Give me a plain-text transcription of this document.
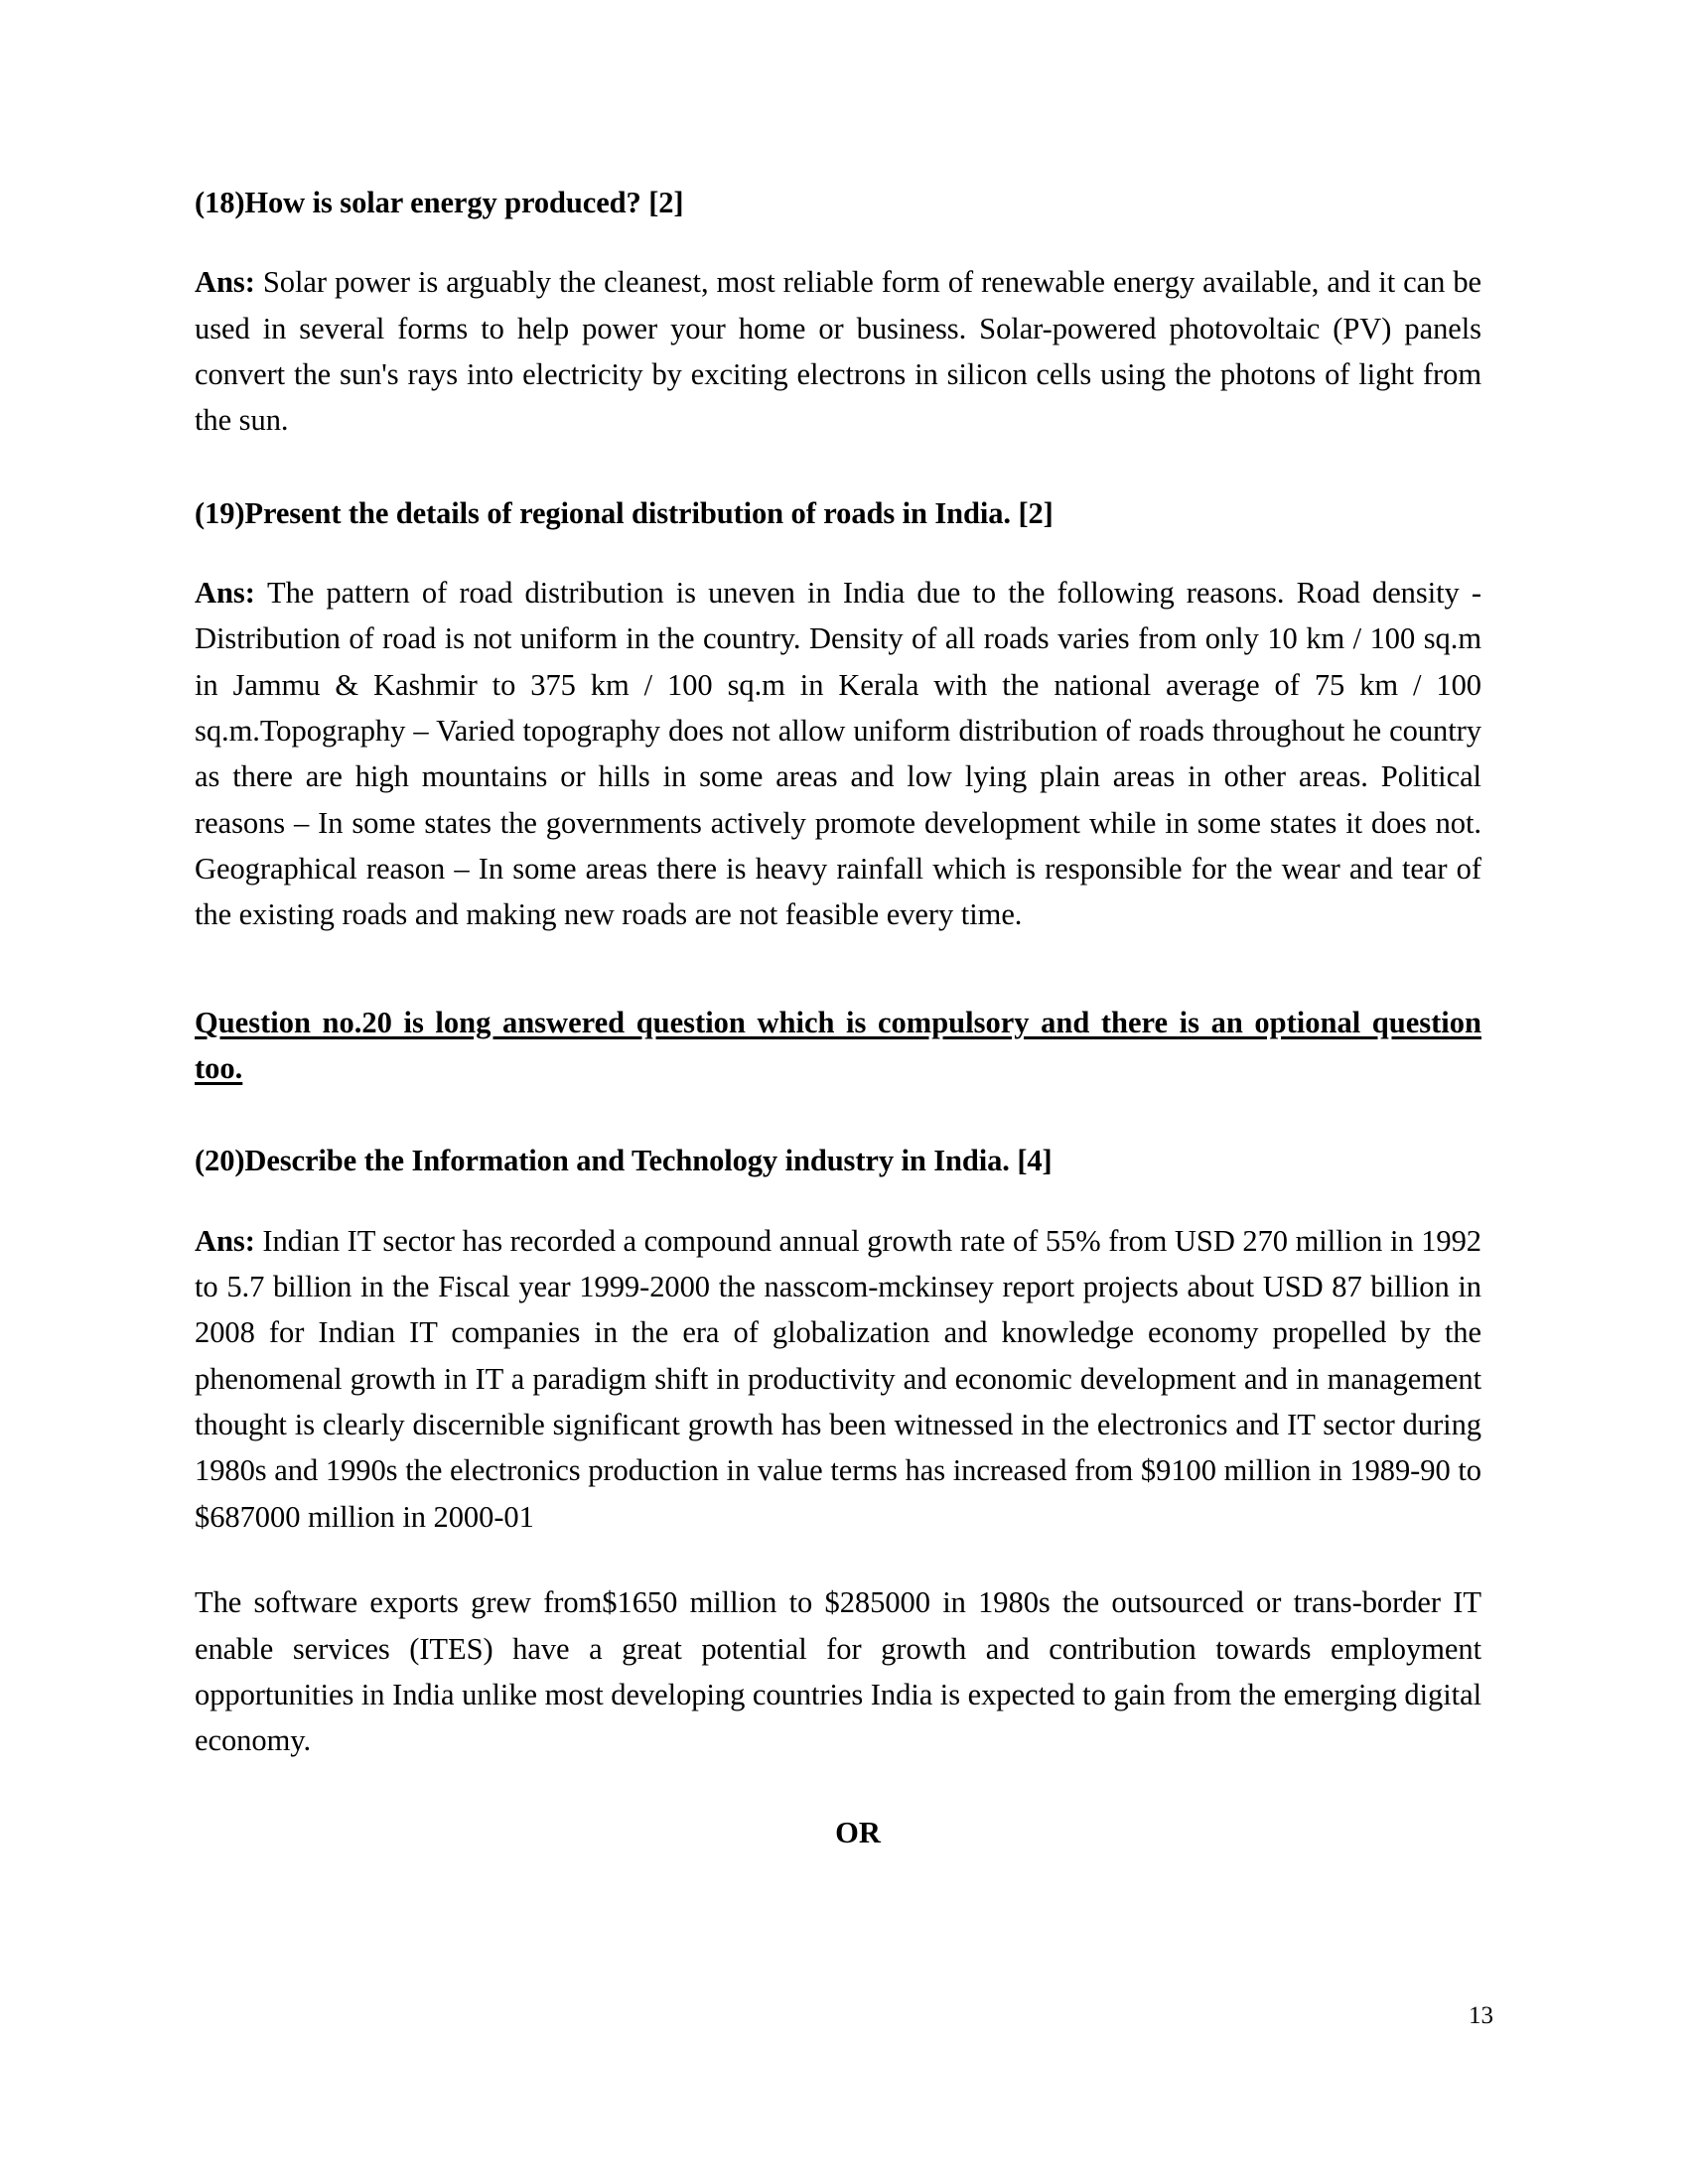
(18)How is solar energy produced? [2]

Ans: Solar power is arguably the cleanest, most reliable form of renewable energy available, and it can be used in several forms to help power your home or business. Solar-powered photovoltaic (PV) panels convert the sun's rays into electricity by exciting electrons in silicon cells using the photons of light from the sun.

(19)Present the details of regional distribution of roads in India. [2]

Ans: The pattern of road distribution is uneven in India due to the following reasons. Road density - Distribution of road is not uniform in the country. Density of all roads varies from only 10 km / 100 sq.m in Jammu & Kashmir to 375 km / 100 sq.m in Kerala with the national average of 75 km / 100 sq.m.Topography – Varied topography does not allow uniform distribution of roads throughout he country as there are high mountains or hills in some areas and low lying plain areas in other areas. Political reasons – In some states the governments actively promote development while in some states it does not. Geographical reason – In some areas there is heavy rainfall which is responsible for the wear and tear of the existing roads and making new roads are not feasible every time.

Question no.20 is long answered question which is compulsory and there is an optional question too.

(20)Describe the Information and Technology industry in India. [4]

Ans: Indian IT sector has recorded a compound annual growth rate of 55% from USD 270 million in 1992 to 5.7 billion in the Fiscal year 1999-2000 the nasscom-mckinsey report projects about USD 87 billion in 2008 for Indian IT companies in the era of globalization and knowledge economy propelled by the phenomenal growth in IT a paradigm shift in productivity and economic development and in management thought is clearly discernible significant growth has been witnessed in the electronics and IT sector during 1980s and 1990s the electronics production in value terms has increased from $9100 million in 1989-90 to $687000 million in 2000-01

The software exports grew from$1650 million to $285000 in 1980s the outsourced or trans-border IT enable services (ITES) have a great potential for growth and contribution towards employment opportunities in India unlike most developing countries India is expected to gain from the emerging digital economy.

OR

13
